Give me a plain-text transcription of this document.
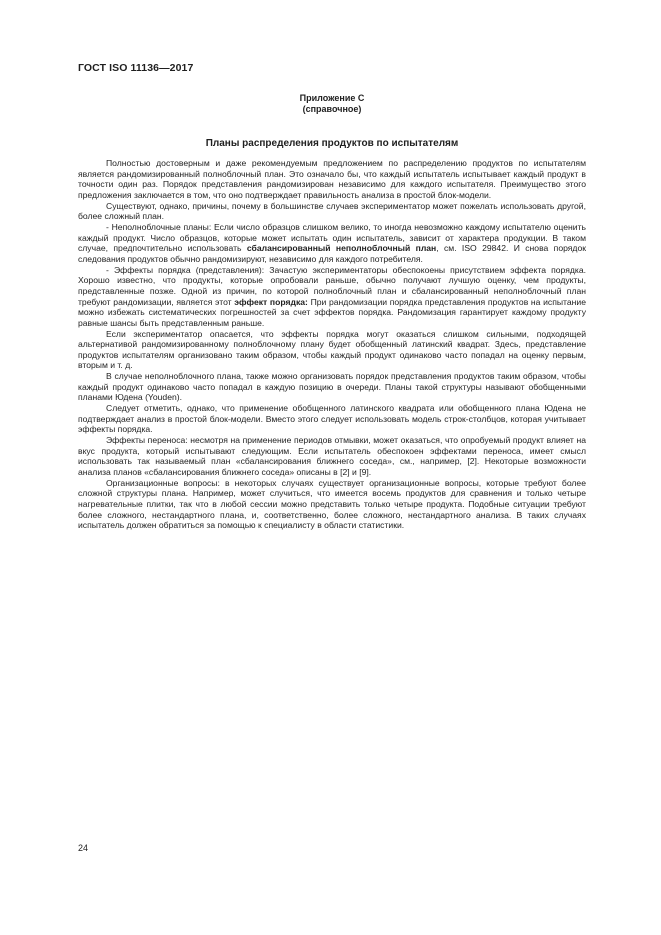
ГОСТ ISO 11136—2017
Приложение С
(справочное)
Планы распределения продуктов по испытателям

Полностью достоверным и даже рекомендуемым предложением по распределению продуктов по испытателям является рандомизированный полноблочный план. Это означало бы, что каждый испытатель испытывает каждый продукт в точности один раз. Порядок представления рандомизирован независимо для каждого испытателя. Преимущество этого предложения заключается в том, что оно подтверждает правильность анализа в простой блок-модели.

Существуют, однако, причины, почему в большинстве случаев экспериментатор может пожелать использовать другой, более сложный план.

- Неполноблочные планы: Если число образцов слишком велико, то иногда невозможно каждому испытателю оценить каждый продукт. Число образцов, которые может испытать один испытатель, зависит от характера продукции. В таком случае, предпочтительно использовать сбалансированный неполноблочный план, см. ISO 29842. И снова порядок следования продуктов обычно рандомизируют, независимо для каждого потребителя.

- Эффекты порядка (представления): Зачастую экспериментаторы обеспокоены присутствием эффекта порядка. Хорошо известно, что продукты, которые опробовали раньше, обычно получают лучшую оценку, чем продукты, представленные позже. Одной из причин, по которой полноблочный план и сбалансированный неполноблочный план требуют рандомизации, является этот эффект порядка: При рандомизации порядка представления продуктов на испытание можно избежать систематических погрешностей за счет эффектов порядка. Рандомизация гарантирует каждому продукту равные шансы быть представленным раньше.

Если экспериментатор опасается, что эффекты порядка могут оказаться слишком сильными, подходящей альтернативой рандомизированному полноблочному плану будет обобщенный латинский квадрат. Здесь, представление продуктов испытателям организовано таким образом, чтобы каждый продукт одинаково часто попадал на оценку первым, вторым и т. д.

В случае неполноблочного плана, также можно организовать порядок представления продуктов таким образом, чтобы каждый продукт одинаково часто попадал в каждую позицию в очереди. Планы такой структуры называют обобщенными планами Юдена (Youden).

Следует отметить, однако, что применение обобщенного латинского квадрата или обобщенного плана Юдена не подтверждает анализ в простой блок-модели. Вместо этого следует использовать модель строк-столбцов, которая учитывает эффекты порядка.

Эффекты переноса: несмотря на применение периодов отмывки, может оказаться, что опробуемый продукт влияет на вкус продукта, который испытывают следующим. Если испытатель обеспокоен эффектами переноса, имеет смысл использовать так называемый план «сбалансирования ближнего соседа», см., например, [2]. Некоторые возможности анализа планов «сбалансирования ближнего соседа» описаны в [2] и [9].

Организационные вопросы: в некоторых случаях существует организационные вопросы, которые требуют более сложной структуры плана. Например, может случиться, что имеется восемь продуктов для сравнения и только четыре нагревательные плитки, так что в любой сессии можно представить только четыре продукта. Подобные ситуации требуют более сложного, нестандартного плана, и, соответственно, более сложного, нестандартного анализа. В таких случаях испытатель должен обратиться за помощью к специалисту в области статистики.

24
